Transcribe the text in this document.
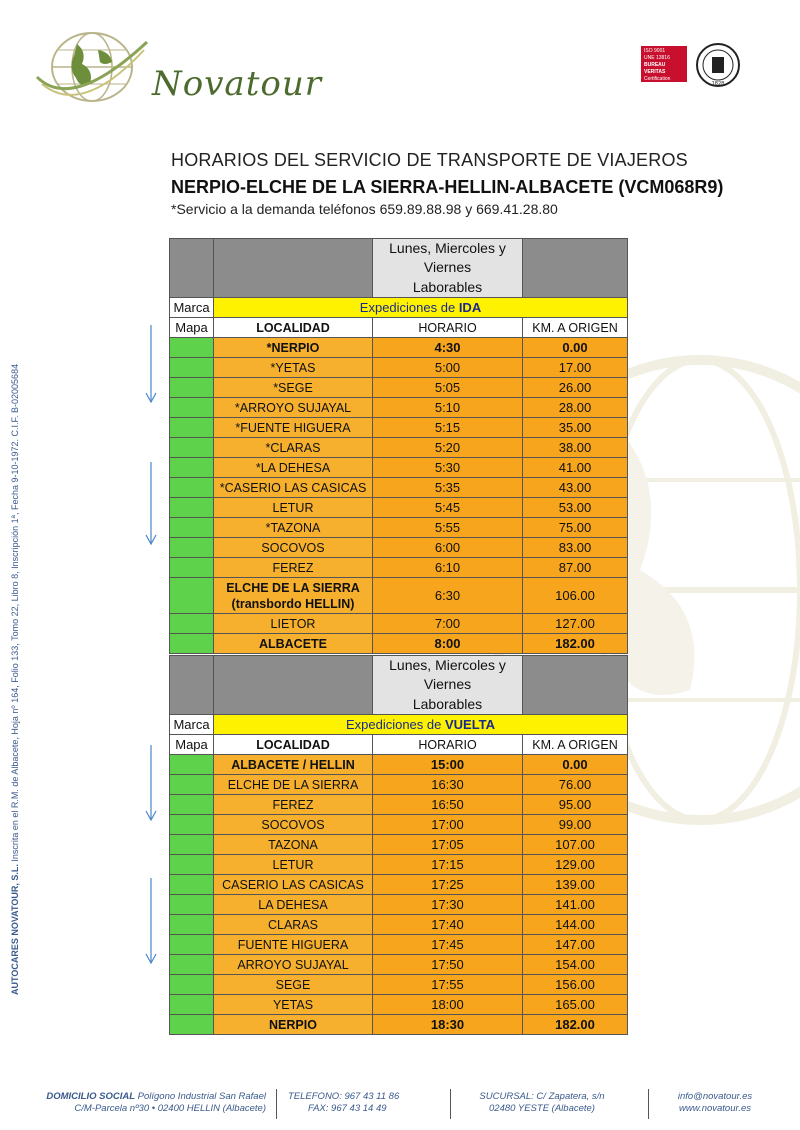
Novatour
ISO 9001
UNE 13816
BUREAU VERITAS
Certification
1828
AUTOCARES NOVATOUR, S.L. Inscrita en el R.M. de Albacete, Hoja nº 164, Folio 133, Tomo 22, Libro 8, Inscripción 1ª, Fecha 9-10-1972. C.I.F. B-02005684

HORARIOS DEL SERVICIO DE TRANSPORTE DE VIAJEROS

NERPIO-ELCHE DE LA SIERRA-HELLIN-ALBACETE (VCM068R9)

*Servicio a la demanda teléfonos 659.89.88.98 y 669.41.28.80

		Lunes, Miercoles y Viernes	
		Laborables	
Marca	Expediciones de IDA		
Mapa	LOCALIDAD	HORARIO	KM. A ORIGEN
	*NERPIO	4:30	0.00
	*YETAS	5:00	17.00
	*SEGE	5:05	26.00
	*ARROYO SUJAYAL	5:10	28.00
	*FUENTE HIGUERA	5:15	35.00
	*CLARAS	5:20	38.00
	*LA DEHESA	5:30	41.00
	*CASERIO LAS CASICAS	5:35	43.00
	LETUR	5:45	53.00
	*TAZONA	5:55	75.00
	SOCOVOS	6:00	83.00
	FEREZ	6:10	87.00

	ELCHE DE LA SIERRA
(transbordo HELLIN)	6:30	106.00
	LIETOR	7:00	127.00
	ALBACETE	8:00	182.00
		Lunes, Miercoles y Viernes	
		Laborables	
Marca	Expediciones de VUELTA		
Mapa	LOCALIDAD	HORARIO	KM. A ORIGEN
	ALBACETE / HELLIN	15:00	0.00
	ELCHE DE LA SIERRA	16:30	76.00
	FEREZ	16:50	95.00
	SOCOVOS	17:00	99.00
	TAZONA	17:05	107.00
	LETUR	17:15	129.00
	CASERIO LAS CASICAS	17:25	139.00
	LA DEHESA	17:30	141.00
	CLARAS	17:40	144.00
	FUENTE HIGUERA	17:45	147.00
	ARROYO SUJAYAL	17:50	154.00
	SEGE	17:55	156.00
	YETAS	18:00	165.00
	NERPIO	18:30	182.00
DOMICILIO SOCIAL Polígono Industrial San Rafael
C/M-Parcela nº30 • 02400 HELLIN (Albacete)
TELEFONO: 967 43 11 86
FAX: 967 43 14 49
SUCURSAL: C/ Zapatera, s/n
02480 YESTE (Albacete)
info@novatour.es
www.novatour.es
